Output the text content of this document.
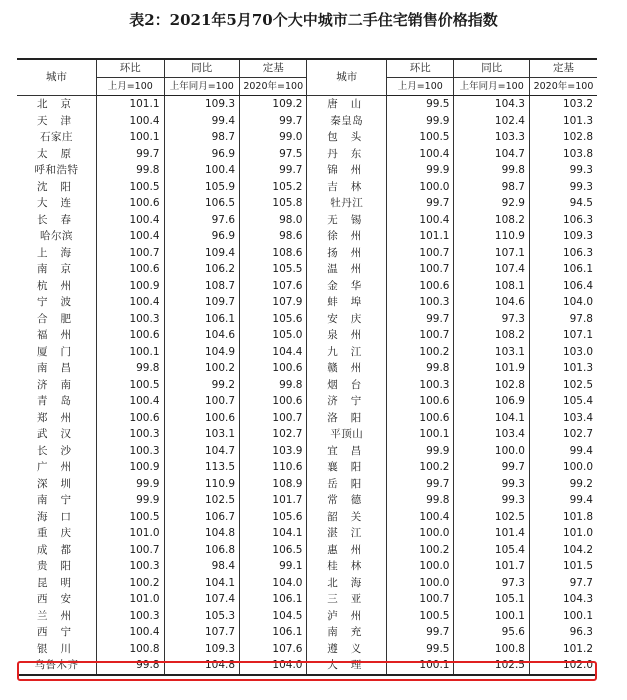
表2：2021年5月70个大中城市二手住宅销售价格指数
城市	环比	同比	定基	城市	环比	同比	定基
	上月=100	上年同月=100	2020年=100		上月=100	上年同月=100	2020年=100
北京	101.1	109.3	109.2	唐山	99.5	104.3	103.2
天津	100.4	99.4	99.7	秦皇岛	99.9	102.4	101.3
石家庄	100.1	98.7	99.0	包头	100.5	103.3	102.8
太原	99.7	96.9	97.5	丹东	100.4	104.7	103.8
呼和浩特	99.8	100.4	99.7	锦州	99.9	99.8	99.3
沈阳	100.5	105.9	105.2	吉林	100.0	98.7	99.3
大连	100.6	106.5	105.8	牡丹江	99.7	92.9	94.5
长春	100.4	97.6	98.0	无锡	100.4	108.2	106.3
哈尔滨	100.4	96.9	98.6	徐州	101.1	110.9	109.3
上海	100.7	109.4	108.6	扬州	100.7	107.1	106.3
南京	100.6	106.2	105.5	温州	100.7	107.4	106.1
杭州	100.9	108.7	107.6	金华	100.6	108.1	106.4
宁波	100.4	109.7	107.9	蚌埠	100.3	104.6	104.0
合肥	100.3	106.1	105.6	安庆	99.7	97.3	97.8
福州	100.6	104.6	105.0	泉州	100.7	108.2	107.1
厦门	100.1	104.9	104.4	九江	100.2	103.1	103.0
南昌	99.8	100.2	100.6	赣州	99.8	101.9	101.3
济南	100.5	99.2	99.8	烟台	100.3	102.8	102.5
青岛	100.4	100.7	100.6	济宁	100.6	106.9	105.4
郑州	100.6	100.6	100.7	洛阳	100.6	104.1	103.4
武汉	100.3	103.1	102.7	平顶山	100.1	103.4	102.7
长沙	100.3	104.7	103.9	宜昌	99.9	100.0	99.4
广州	100.9	113.5	110.6	襄阳	100.2	99.7	100.0
深圳	99.9	110.9	108.9	岳阳	99.7	99.3	99.2
南宁	99.9	102.5	101.7	常德	99.8	99.3	99.4
海口	100.5	106.7	105.6	韶关	100.4	102.5	101.8
重庆	101.0	104.8	104.1	湛江	100.0	101.4	101.0
成都	100.7	106.8	106.5	惠州	100.2	105.4	104.2
贵阳	100.3	98.4	99.1	桂林	100.0	101.7	101.5
昆明	100.2	104.1	104.0	北海	100.0	97.3	97.7
西安	101.0	107.4	106.1	三亚	100.7	105.1	104.3
兰州	100.3	105.3	104.5	泸州	100.5	100.1	100.1
西宁	100.4	107.7	106.1	南充	99.7	95.6	96.3
银川	100.8	109.3	107.6	遵义	99.5	100.8	101.2
乌鲁木齐	99.8	104.8	104.0	大理	100.1	102.5	102.0
